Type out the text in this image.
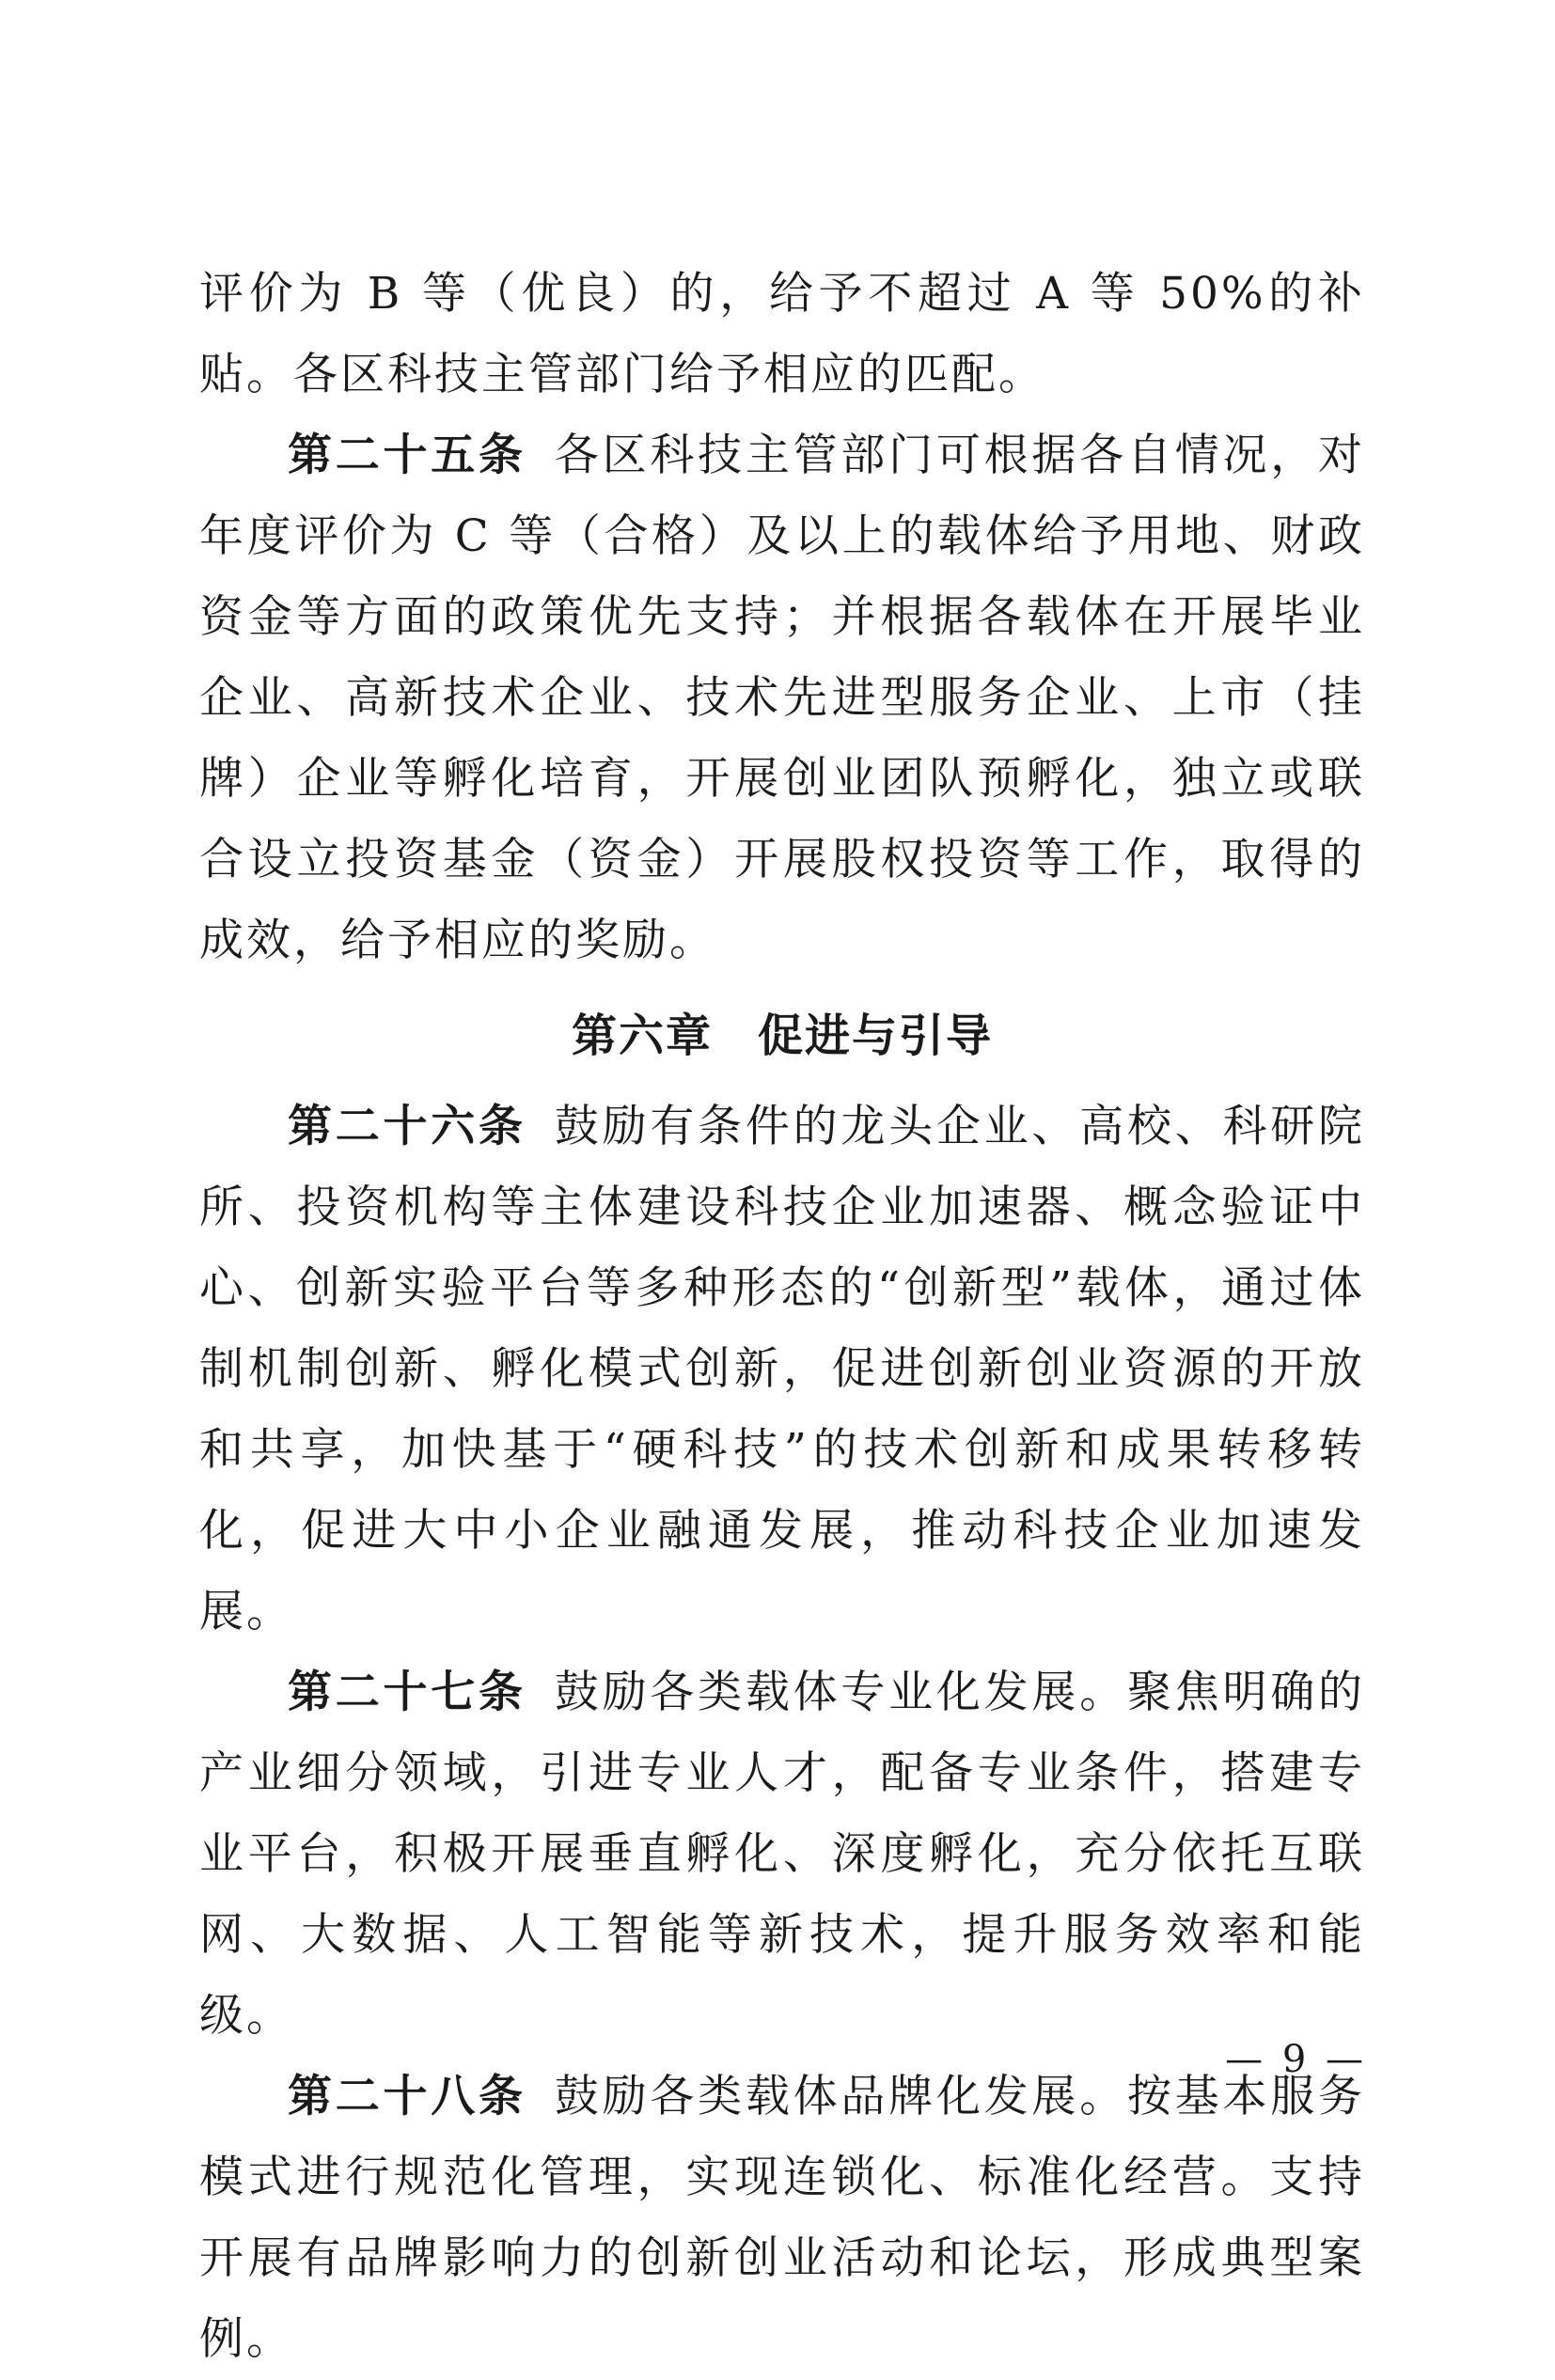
评价为 B 等（优良）的，给予不超过 A 等 50%的补贴。各区科技主管部门给予相应的匹配。

第二十五条 各区科技主管部门可根据各自情况，对年度评价为 C 等（合格）及以上的载体给予用地、财政资金等方面的政策优先支持；并根据各载体在开展毕业企业、高新技术企业、技术先进型服务企业、上市（挂牌）企业等孵化培育，开展创业团队预孵化，独立或联合设立投资基金（资金）开展股权投资等工作，取得的成效，给予相应的奖励。

第六章 促进与引导

第二十六条 鼓励有条件的龙头企业、高校、科研院所、投资机构等主体建设科技企业加速器、概念验证中心、创新实验平台等多种形态的“创新型”载体，通过体制机制创新、孵化模式创新，促进创新创业资源的开放和共享，加快基于“硬科技”的技术创新和成果转移转化，促进大中小企业融通发展，推动科技企业加速发展。

第二十七条 鼓励各类载体专业化发展。聚焦明确的产业细分领域，引进专业人才，配备专业条件，搭建专业平台，积极开展垂直孵化、深度孵化，充分依托互联网、大数据、人工智能等新技术，提升服务效率和能级。

第二十八条 鼓励各类载体品牌化发展。按基本服务模式进行规范化管理，实现连锁化、标准化经营。支持开展有品牌影响力的创新创业活动和论坛，形成典型案例。

— 9 —
